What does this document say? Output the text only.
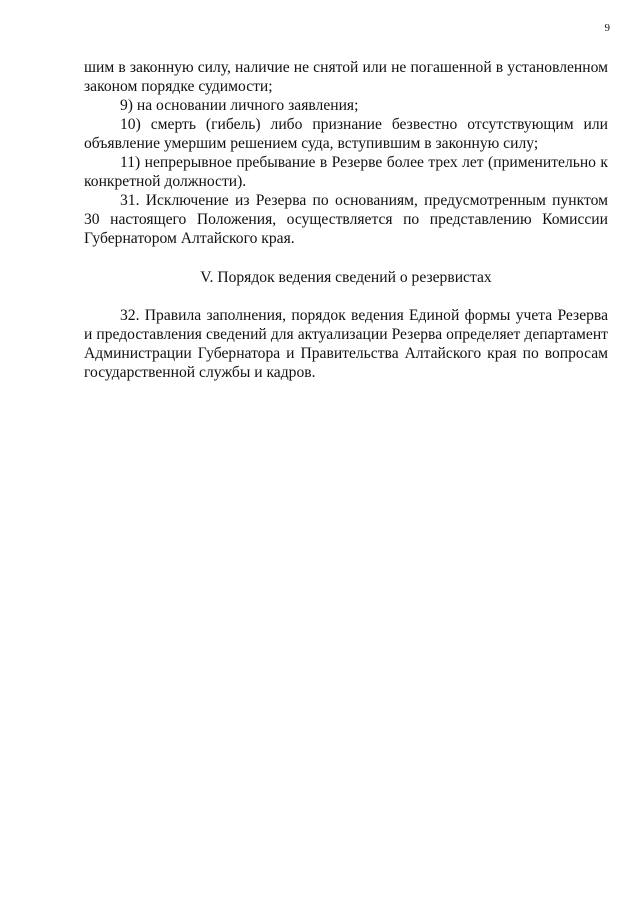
9

шим в законную силу, наличие не снятой или не погашенной в установленном законом порядке судимости;

9) на основании личного заявления;

10) смерть (гибель) либо признание безвестно отсутствующим или объявление умершим решением суда, вступившим в законную силу;

11) непрерывное пребывание в Резерве более трех лет (применительно к конкретной должности).

31. Исключение из Резерва по основаниям, предусмотренным пунктом 30 настоящего Положения, осуществляется по представлению Комиссии Губернатором Алтайского края.

V. Порядок ведения сведений о резервистах

32. Правила заполнения, порядок ведения Единой формы учета Резерва и предоставления сведений для актуализации Резерва определяет департамент Администрации Губернатора и Правительства Алтайского края по вопросам государственной службы и кадров.
